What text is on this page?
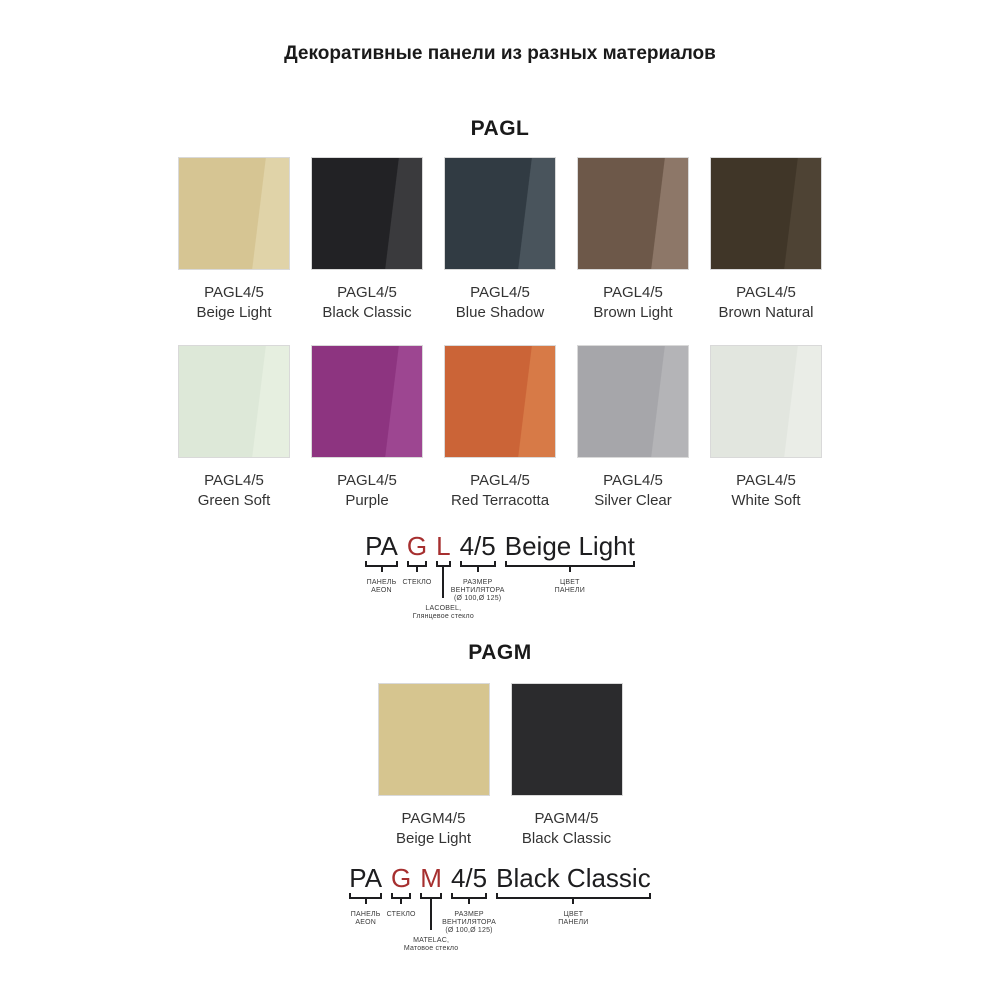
Декоративные панели из разных материалов
PAGL
PAGL4/5
Beige Light
PAGL4/5
Black Classic
PAGL4/5
Blue Shadow
PAGL4/5
Brown Light
PAGL4/5
Brown Natural
PAGL4/5
Green Soft
PAGL4/5
Purple
PAGL4/5
Red Terracotta
PAGL4/5
Silver Clear
PAGL4/5
White Soft
PA
ПАНЕЛЬ
AEON
G
СТЕКЛО
L
LACOBEL,
Глянцевое стекло
4/5
РАЗМЕР
ВЕНТИЛЯТОРА
(Ø 100,Ø 125)
Beige Light
ЦВЕТ
ПАНЕЛИ
PAGM
PAGM4/5
Beige Light
PAGM4/5
Black Classic
PA
ПАНЕЛЬ
AEON
G
СТЕКЛО
M
MATELAC,
Матовое стекло
4/5
РАЗМЕР
ВЕНТИЛЯТОРА
(Ø 100,Ø 125)
Black Classic
ЦВЕТ
ПАНЕЛИ
